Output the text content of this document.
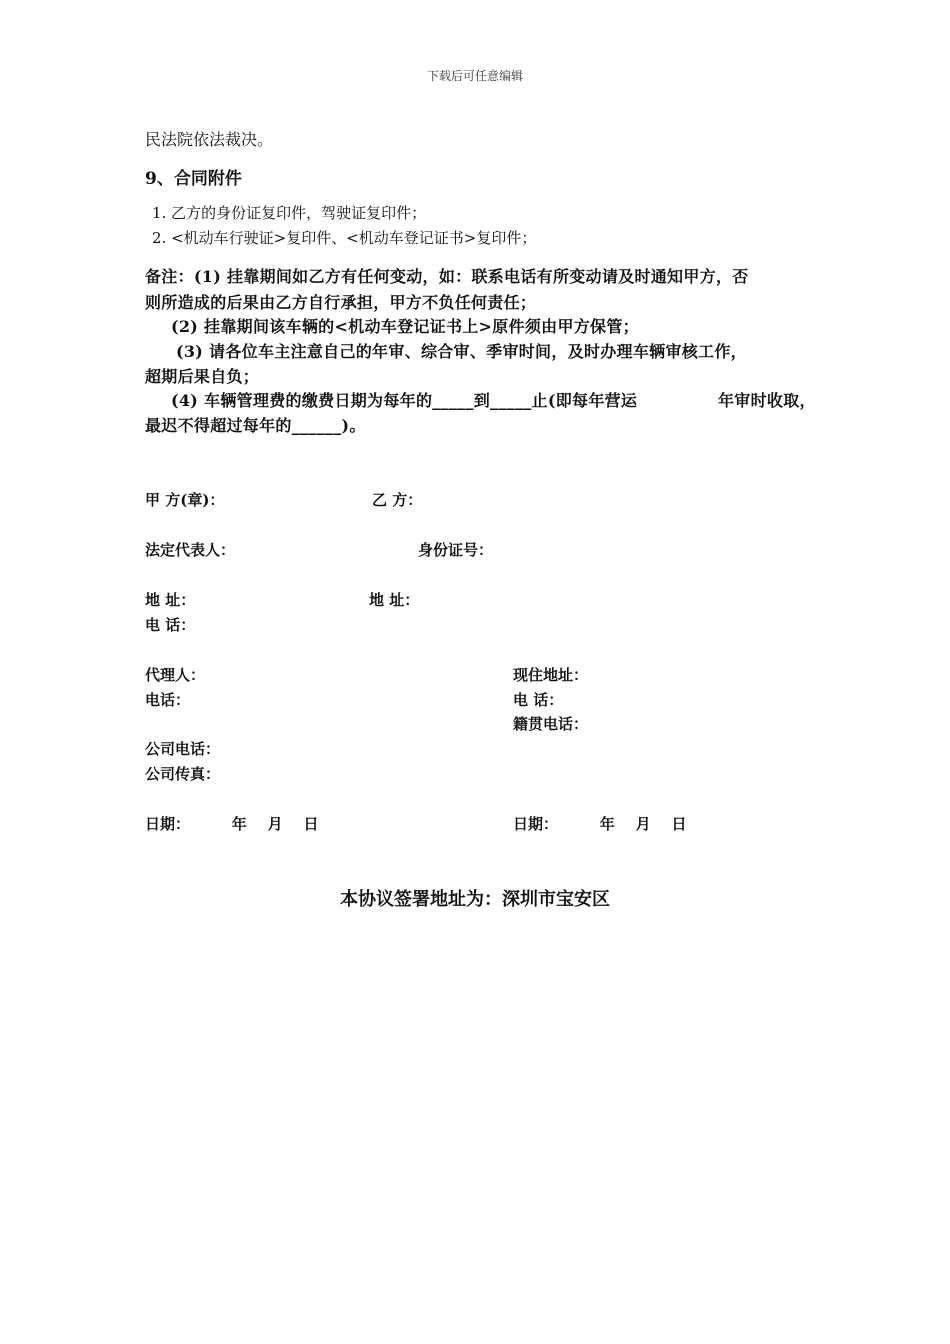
下载后可任意编辑
民法院依法裁决。
9、合同附件
1. 乙方的身份证复印件，驾驶证复印件；
2. <机动车行驶证>复印件、<机动车登记证书>复印件；
备注：(1) 挂靠期间如乙方有任何变动，如：联系电话有所变动请及时通知甲方，否
则所造成的后果由乙方自行承担，甲方不负任何责任；
(2) 挂靠期间该车辆的<机动车登记证书上>原件须由甲方保管；
(3) 请各位车主注意自己的年审、综合审、季审时间，及时办理车辆审核工作，
超期后果自负；
(4) 车辆管理费的缴费日期为每年的_____到_____止(即每年营运	年审时收取，
最迟不得超过每年的______)。
甲 方(章)：	乙 方：
法定代表人：	身份证号：
地 址：	地 址：
电 话：
代理人：	现住地址：
电话：	电 话：
籍贯电话：
公司电话：
公司传真：
日期：        年    月    日	日期：        年    月    日
本协议签署地址为：深圳市宝安区
